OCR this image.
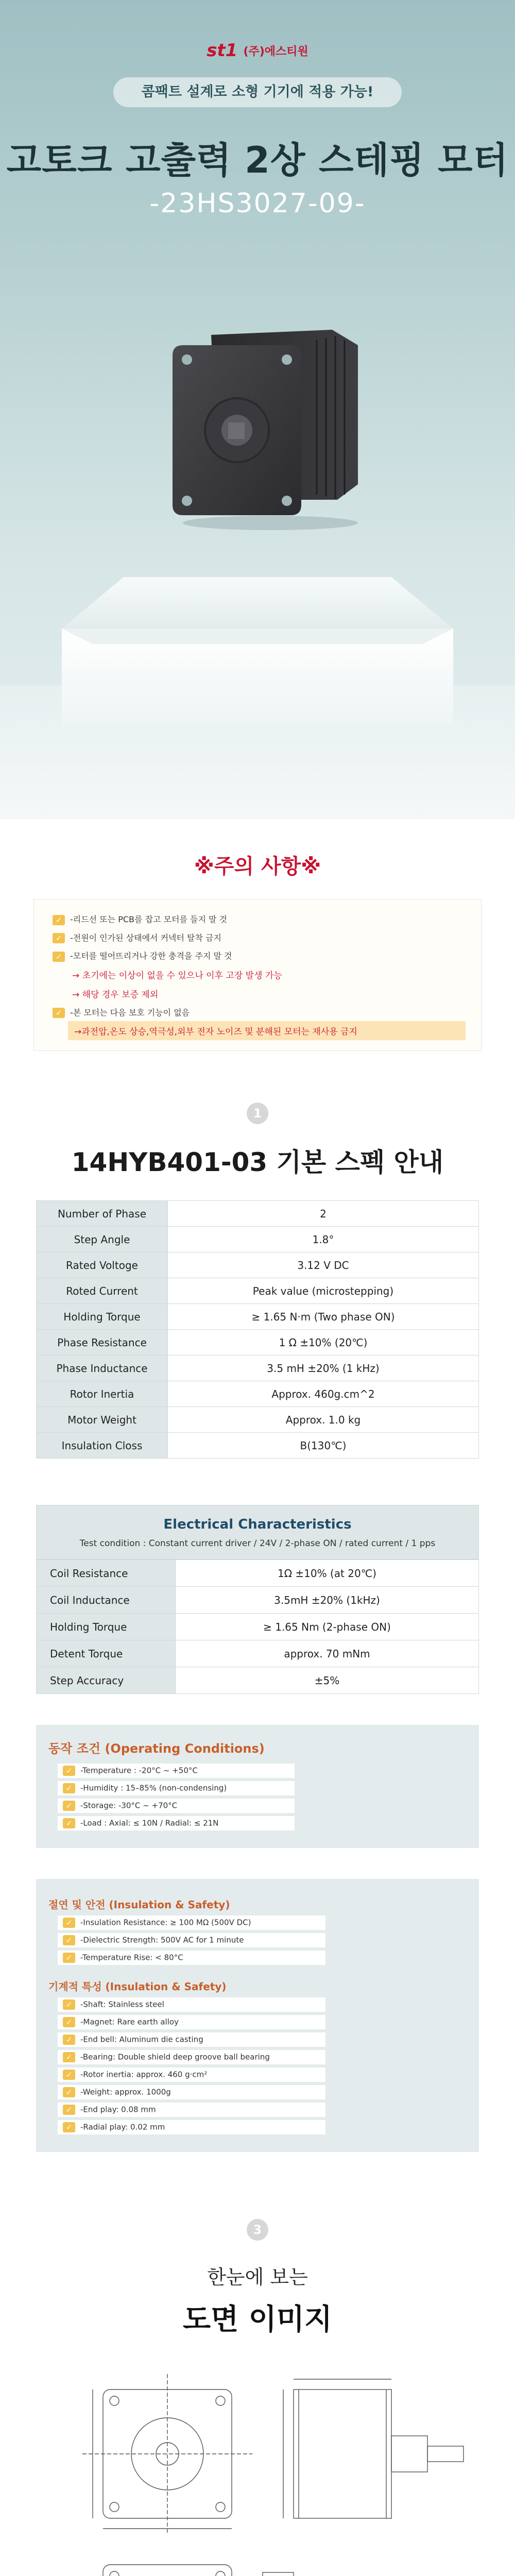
st1 (주)에스티원
콤팩트 설계로 소형 기기에 적용 가능!
고토크 고출력 2상 스테핑 모터
-23HS3027-09-
※주의 사항※
✓ -리드선 또는 PCB를 잡고 모터를 들지 말 것
✓ -전원이 인가된 상태에서 커넥터 탈착 금지
✓ -모터를 떨어뜨리거나 강한 충격을 주지 말 것
→ 초기에는 이상이 없을 수 있으나 이후 고장 발생 가능
→ 해당 경우 보증 제외
✓ -본 모터는 다음 보호 기능이 없음
→과전압,온도 상승,역극성,외부 전자 노이즈 및 분해된 모터는 재사용 금지
1
14HYB401-03 기본 스펙 안내
Number of Phase	2
Step Angle	1.8°
Rated Voltoge	3.12 V DC
Roted Current	Peak value (microstepping)
Holding Torque	≥ 1.65 N·m (Two phase ON)
Phase Resistance	1 Ω ±10% (20℃)
Phase Inductance	3.5 mH ±20% (1 kHz)
Rotor Inertia	Approx. 460g.cm^2
Motor Weight	Approx. 1.0 kg
Insulation Closs	B(130℃)
Electrical Characteristics
Test condition : Constant current driver / 24V / 2-phase ON / rated current / 1 pps
Coil Resistance	1Ω ±10% (at 20℃)
Coil Inductance	3.5mH ±20% (1kHz)
Holding Torque	≥ 1.65 Nm (2-phase ON)
Detent Torque	approx. 70 mNm
Step Accuracy	±5%
동작 조건 (Operating Conditions)
✓ -Temperature : -20°C ~ +50°C
✓ -Humidity : 15–85% (non-condensing)
✓ -Storage: -30°C ~ +70°C
✓ -Load : Axial: ≤ 10N / Radial: ≤ 21N
절연 및 안전 (Insulation & Safety)
✓ -Insulation Resistance: ≥ 100 MΩ (500V DC)
✓ -Dielectric Strength: 500V AC for 1 minute
✓ -Temperature Rise: < 80°C
기계적 특성 (Insulation & Safety)
✓ -Shaft: Stainless steel
✓ -Magnet: Rare earth alloy
✓ -End bell: Aluminum die casting
✓ -Bearing: Double shield deep groove ball bearing
✓ -Rotor inertia: approx. 460 g·cm²
✓ -Weight: approx. 1000g
✓ -End play: 0.08 mm
✓ -Radial play: 0.02 mm
3
한눈에 보는
도면 이미지
